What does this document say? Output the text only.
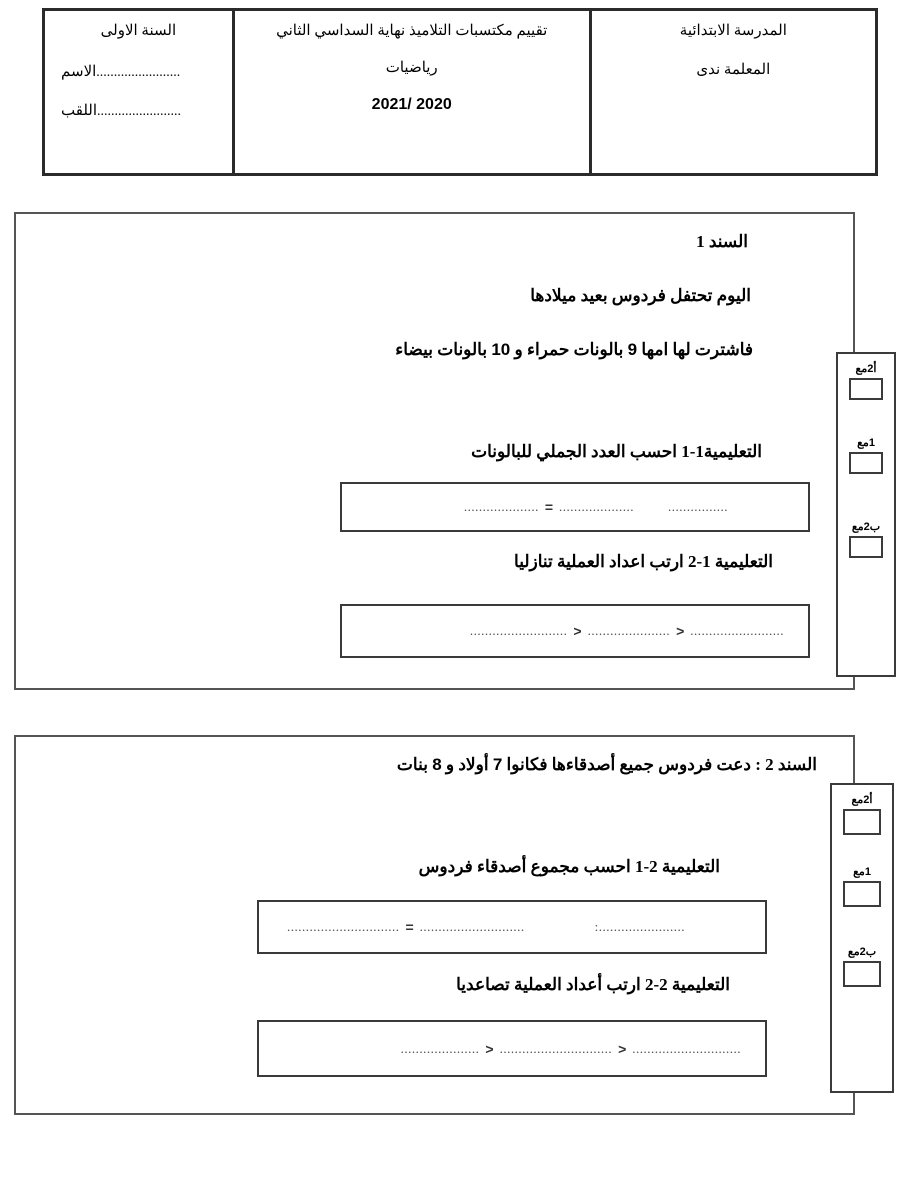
المدرسة الابتدائية
المعلمة ندى
تقييم مكتسبات التلاميذ نهاية السداسي الثاني
رياضيات
2021/ 2020
السنة الاولى
........................الاسم
........................اللقب
السند 1
اليوم تحتفل فردوس بعيد ميلادها
فاشترت لها امها 9 بالونات حمراء و 10 بالونات بيضاء
التعليمية1-1 احسب العدد الجملي للبالونات
................
....................
=
....................
التعليمية 1-2 ارتب اعداد العملية تنازليا
.........................
<
......................
<
..........................
أ2مع
1مع
ب2مع
السند 2 : دعت فردوس جميع أصدقاءها فكانوا 7 أولاد و 8 بنات
التعليمية 2-1 احسب مجموع أصدقاء فردوس
.......................:
............................
=
..............................
التعليمية 2-2 ارتب أعداد العملية تصاعديا
.............................
<
..............................
<
.....................
أ2مع
1مع
ب2مع
